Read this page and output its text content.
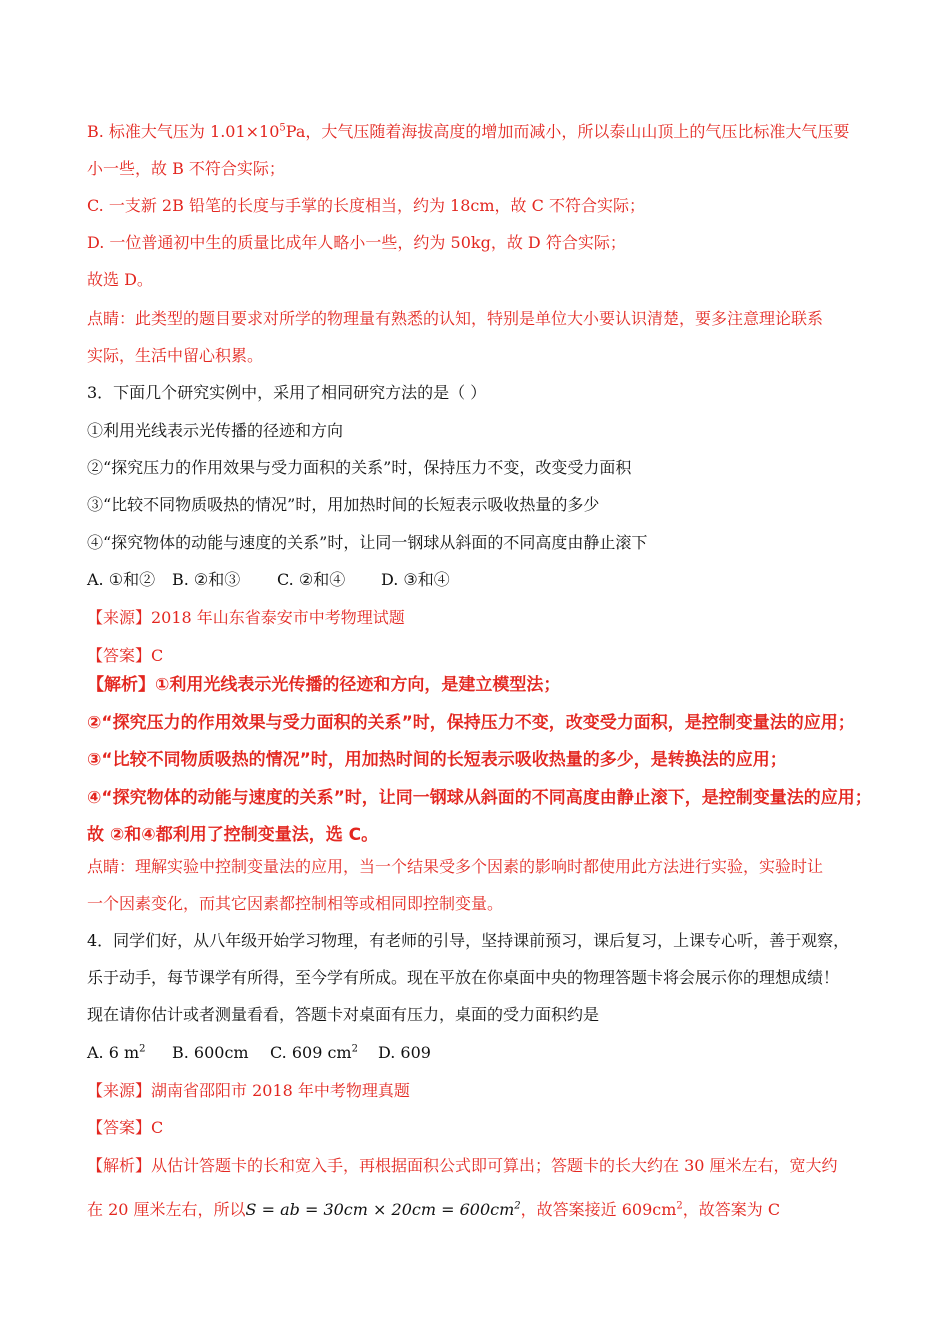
B. 标准大气压为 $1.01\times 10^5Pa$，大气压随着海拔高度的增加而减小，所以泰山山顶上的气压比标准大气压要
小一些，故 B 不符合实际；
C. 一支新 2B 铅笔的长度与手掌的长度相当，约为 18cm，故 C 不符合实际；
D. 一位普通初中生的质量比成年人略小一些，约为 50kg，故 D 符合实际；
故选 D。
点睛：此类型的题目要求对所学的物理量有熟悉的认知，特别是单位大小要认识清楚，要多注意理论联系
实际，生活中留心积累。
3．下面几个研究实例中，采用了相同研究方法的是（ ）
①利用光线表示光传播的径迹和方向
②“探究压力的作用效果与受力面积的关系”时，保持压力不变，改变受力面积
③“比较不同物质吸热的情况”时，用加热时间的长短表示吸收热量的多少
④“探究物体的动能与速度的关系”时，让同一钢球从斜面的不同高度由静止滚下
A. ①和② B. ②和③ C. ②和④ D. ③和④
【来源】2018 年山东省泰安市中考物理试题
【答案】C
【解析】①利用光线表示光传播的径迹和方向，是建立模型法；
②“探究压力的作用效果与受力面积的关系”时，保持压力不变，改变受力面积，是控制变量法的应用；
③“比较不同物质吸热的情况”时，用加热时间的长短表示吸收热量的多少，是转换法的应用；
④“探究物体的动能与速度的关系”时，让同一钢球从斜面的不同高度由静止滚下，是控制变量法的应用；
故 ②和④都利用了控制变量法，选 C。
点睛：理解实验中控制变量法的应用，当一个结果受多个因素的影响时都使用此方法进行实验，实验时让
一个因素变化，而其它因素都控制相等或相同即控制变量。
4．同学们好，从八年级开始学习物理，有老师的引导，坚持课前预习，课后复习，上课专心听，善于观察，
乐于动手，每节课学有所得，至今学有所成。现在平放在你桌面中央的物理答题卡将会展示你的理想成绩！
现在请你估计或者测量看看，答题卡对桌面有压力，桌面的受力面积约是
A. 6 $m^2$ B. 600cm C. 609 $cm^2$ D. 609
【来源】湖南省邵阳市 2018 年中考物理真题
【答案】C
【解析】从估计答题卡的长和宽入手，再根据面积公式即可算出；答题卡的长大约在 30 厘米左右，宽大约
在 20 厘米左右，所以S = ab = $30cm \times 20cm = 600cm^2$，故答案接近 $609cm^2$，故答案为 C
